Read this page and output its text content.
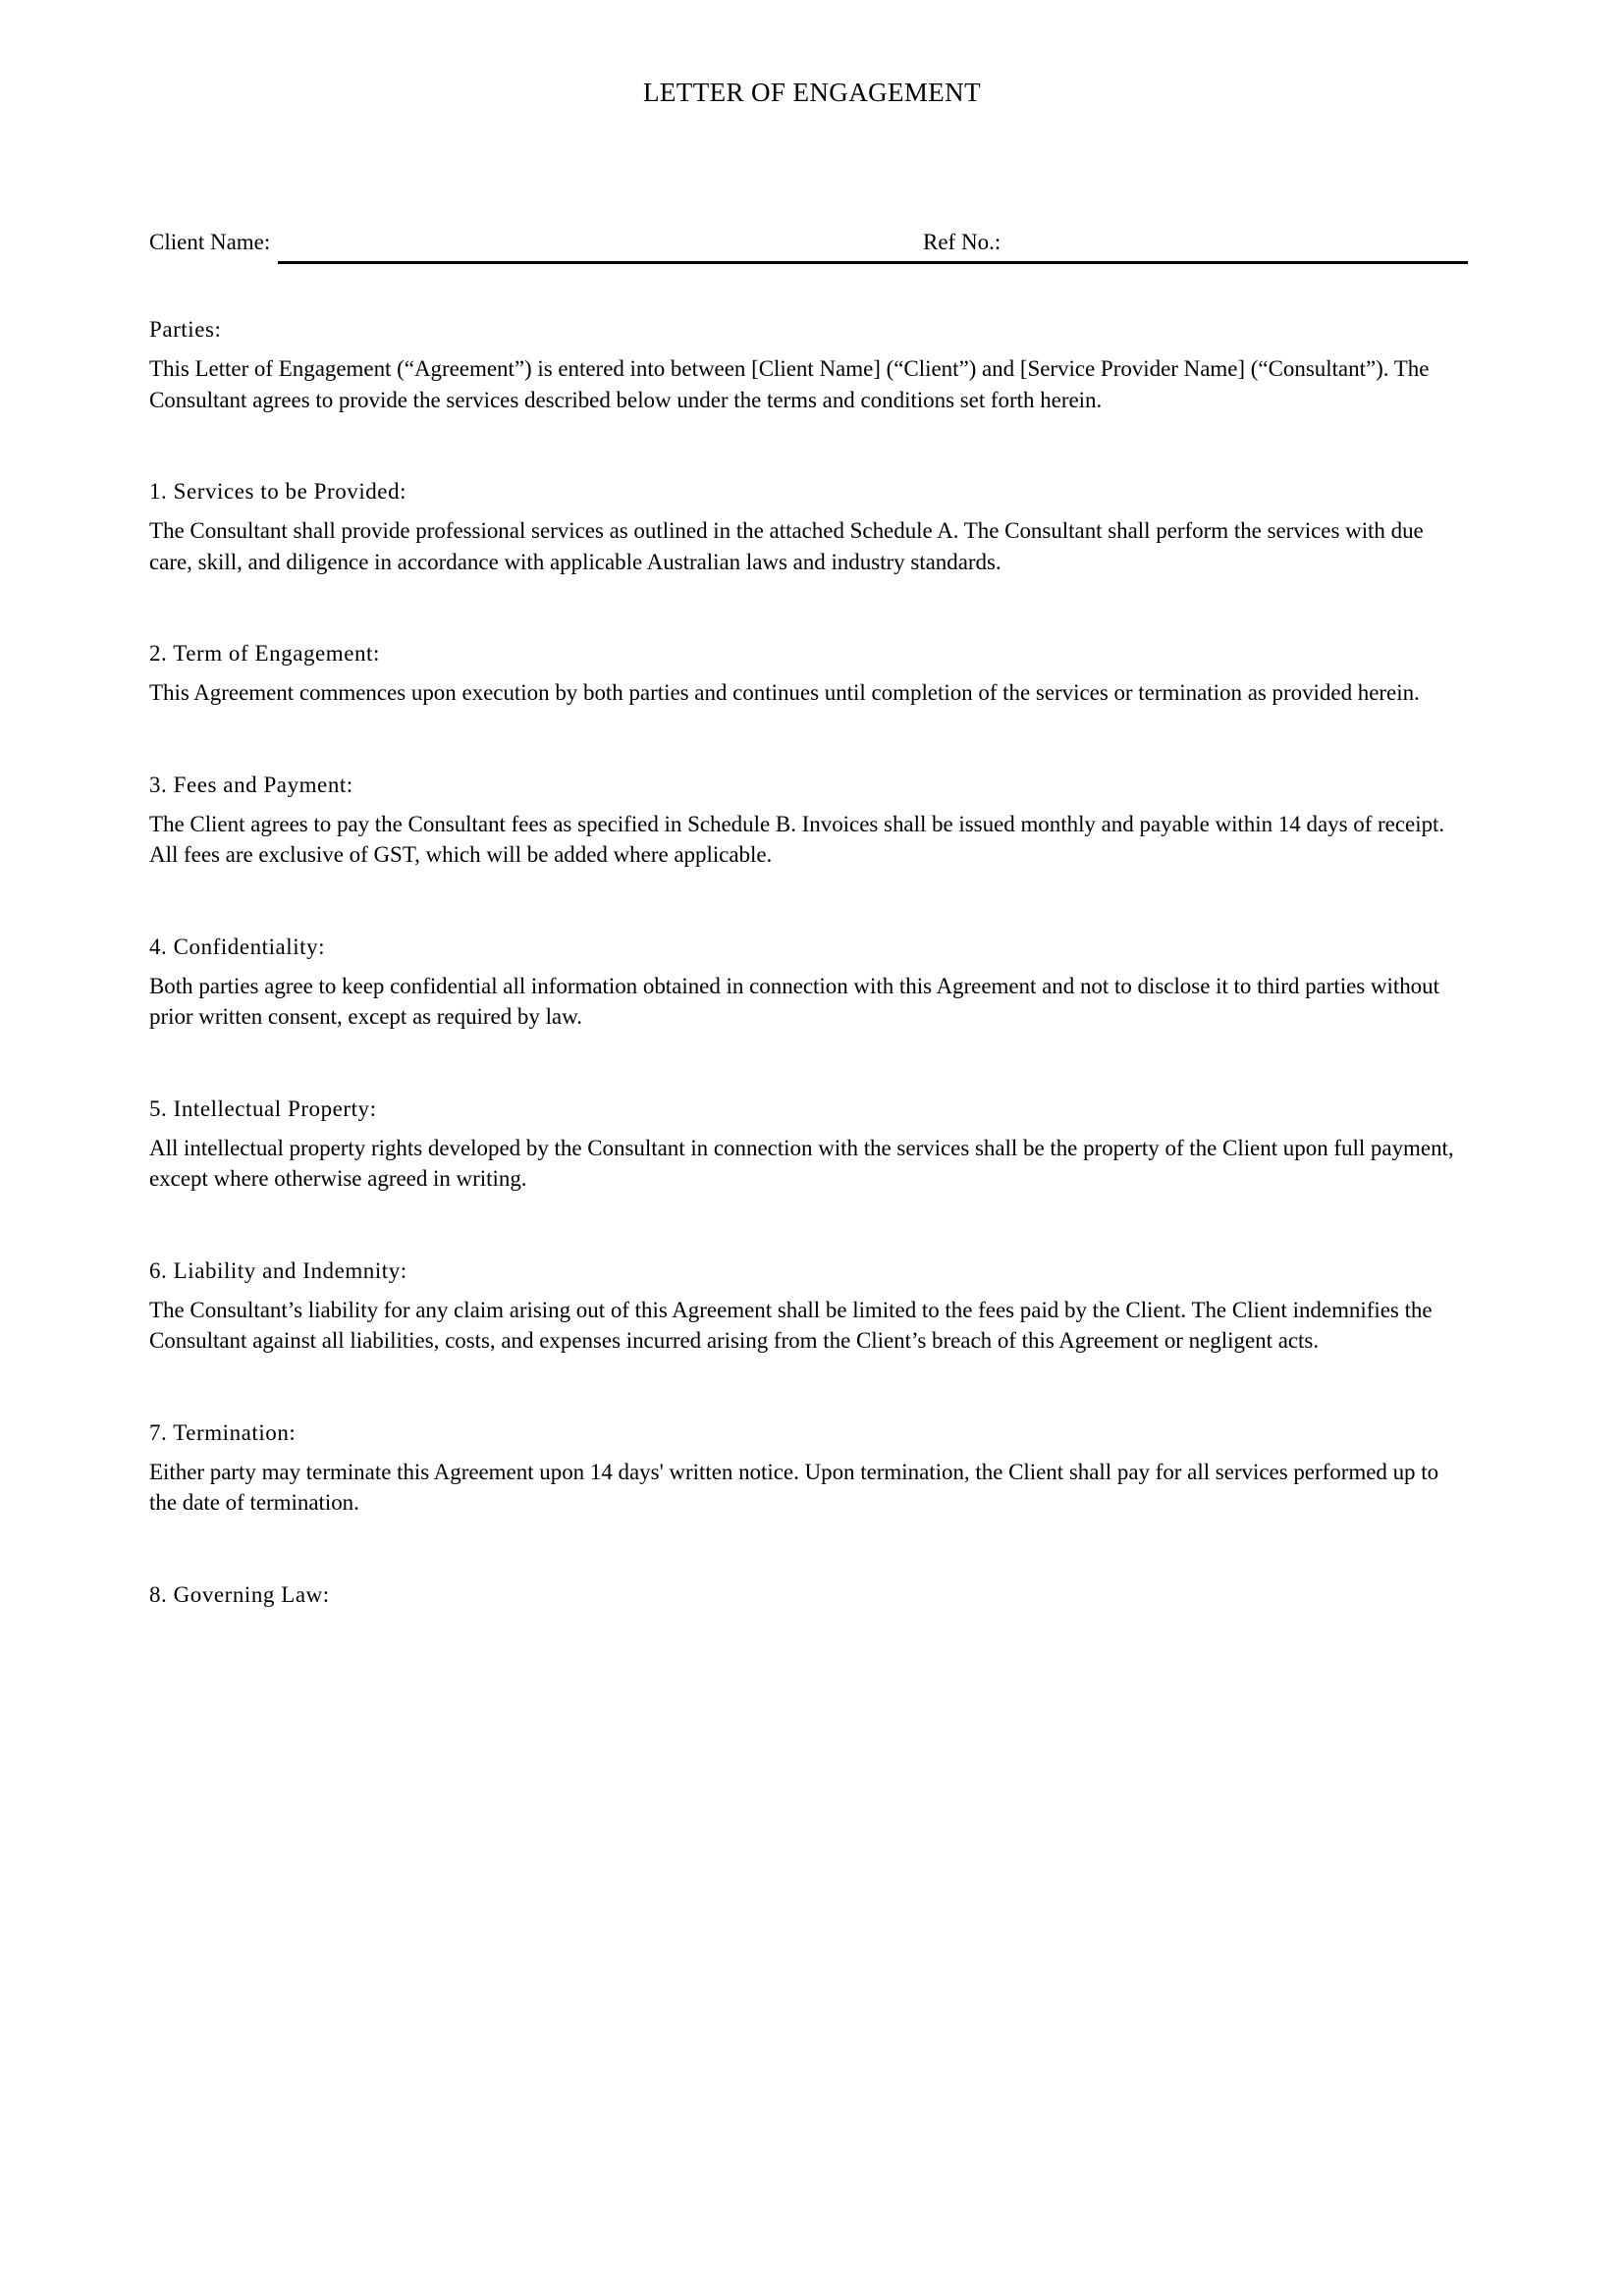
LETTER OF ENGAGEMENT
Client Name:	Ref No.:

Parties:

This Letter of Engagement (“Agreement”) is entered into between [Client Name] (“Client”) and [Service Provider Name] (“Consultant”). The Consultant agrees to provide the services described below under the terms and conditions set forth herein.

1. Services to be Provided:

The Consultant shall provide professional services as outlined in the attached Schedule A. The Consultant shall perform the services with due care, skill, and diligence in accordance with applicable Australian laws and industry standards.

2. Term of Engagement:

This Agreement commences upon execution by both parties and continues until completion of the services or termination as provided herein.

3. Fees and Payment:

The Client agrees to pay the Consultant fees as specified in Schedule B. Invoices shall be issued monthly and payable within 14 days of receipt. All fees are exclusive of GST, which will be added where applicable.

4. Confidentiality:

Both parties agree to keep confidential all information obtained in connection with this Agreement and not to disclose it to third parties without prior written consent, except as required by law.

5. Intellectual Property:

All intellectual property rights developed by the Consultant in connection with the services shall be the property of the Client upon full payment, except where otherwise agreed in writing.

6. Liability and Indemnity:

The Consultant’s liability for any claim arising out of this Agreement shall be limited to the fees paid by the Client. The Client indemnifies the Consultant against all liabilities, costs, and expenses incurred arising from the Client’s breach of this Agreement or negligent acts.

7. Termination:

Either party may terminate this Agreement upon 14 days' written notice. Upon termination, the Client shall pay for all services performed up to the date of termination.

8. Governing Law:
